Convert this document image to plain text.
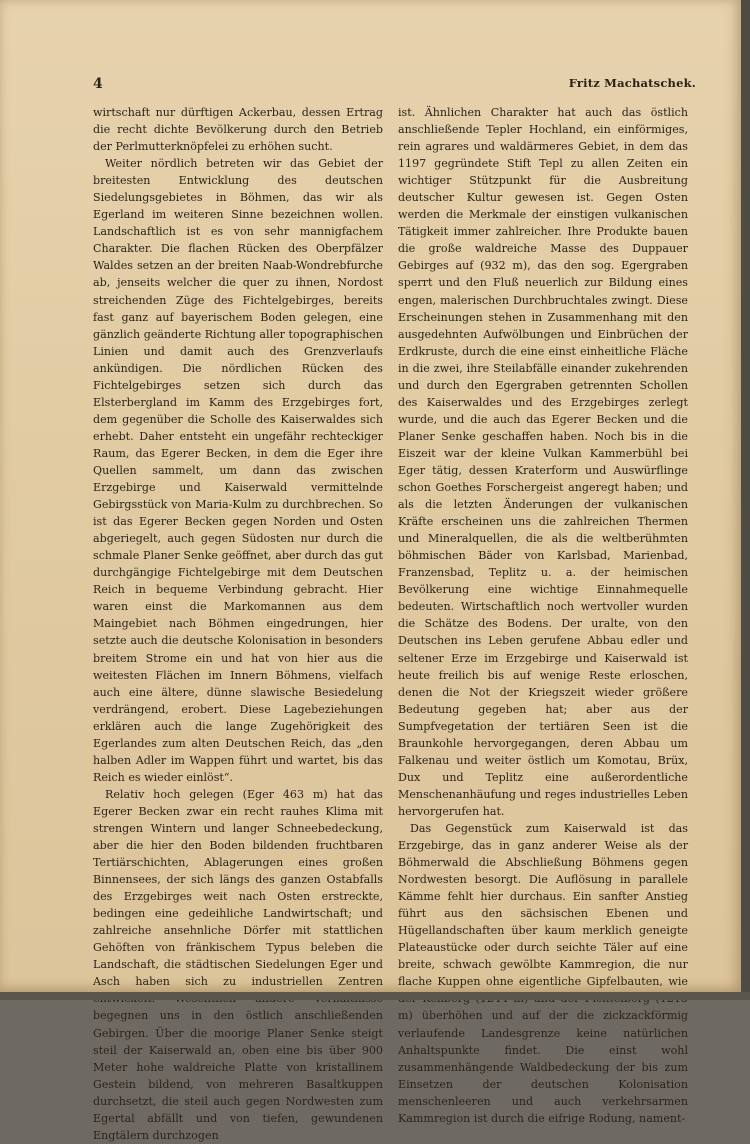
4	Fritz Machatschek.

wirtschaft nur dürftigen Ackerbau, dessen Ertrag die recht dichte Bevölkerung durch den Betrieb der Perlmutterknöpfelei zu erhöhen sucht.

Weiter nördlich betreten wir das Gebiet der breitesten Entwicklung des deutschen Siedelungsgebietes in Böhmen, das wir als Egerland im weiteren Sinne bezeichnen wollen. Landschaftlich ist es von sehr mannigfachem Charakter. Die flachen Rücken des Oberpfälzer Waldes setzen an der breiten Naab-Wondrebfurche ab, jenseits welcher die quer zu ihnen, Nordost streichenden Züge des Fichtelgebirges, bereits fast ganz auf bayerischem Boden gelegen, eine gänzlich geänderte Richtung aller topographischen Linien und damit auch des Grenzverlaufs ankündigen. Die nördlichen Rücken des Fichtelgebirges setzen sich durch das Elsterbergland im Kamm des Erzgebirges fort, dem gegenüber die Scholle des Kaiserwaldes sich erhebt. Daher entsteht ein ungefähr rechteckiger Raum, das Egerer Becken, in dem die Eger ihre Quellen sammelt, um dann das zwischen Erzgebirge und Kaiserwald vermittelnde Gebirgsstück von Maria-Kulm zu durchbrechen. So ist das Egerer Becken gegen Norden und Osten abgeriegelt, auch gegen Südosten nur durch die schmale Planer Senke geöffnet, aber durch das gut durchgängige Fichtelgebirge mit dem Deutschen Reich in bequeme Verbindung gebracht. Hier waren einst die Markomannen aus dem Maingebiet nach Böhmen eingedrungen, hier setzte auch die deutsche Kolonisation in besonders breitem Strome ein und hat von hier aus die weitesten Flächen im Innern Böhmens, vielfach auch eine ältere, dünne slawische Besiedelung verdrängend, erobert. Diese Lagebeziehungen erklären auch die lange Zugehörigkeit des Egerlandes zum alten Deutschen Reich, das „den halben Adler im Wappen führt und wartet, bis das Reich es wieder einlöst“.

Relativ hoch gelegen (Eger 463 m) hat das Egerer Becken zwar ein recht rauhes Klima mit strengen Wintern und langer Schneebedeckung, aber die hier den Boden bildenden fruchtbaren Tertiärschichten, Ablagerungen eines großen Binnensees, der sich längs des ganzen Ostabfalls des Erzgebirges weit nach Osten erstreckte, bedingen eine gedeihliche Landwirtschaft; und zahlreiche ansehnliche Dörfer mit stattlichen Gehöften von fränkischem Typus beleben die Landschaft, die städtischen Siedelungen Eger und Asch haben sich zu industriellen Zentren begegnen uns in den östlich anschließenden Gebirgen. Über die moorige Planer Senke steigt steil der Kaiserwald an, oben eine bis über 900 Meter hohe waldreiche Platte von kristallinem Gestein bildend, von mehreren Basaltkuppen durchsetzt, die steil auch gegen Nordwesten zum Egertal abfällt und von tiefen, gewundenen Engtälern durchzogen

ist. Ähnlichen Charakter hat auch das östlich anschließende Tepler Hochland, ein einförmiges, rein agrares und waldärmeres Gebiet, in dem das 1197 gegründete Stift Tepl zu allen Zeiten ein wichtiger Stützpunkt für die Ausbreitung deutscher Kultur gewesen ist. Gegen Osten werden die Merkmale der einstigen vulkanischen Tätigkeit immer zahlreicher. Ihre Produkte bauen die große waldreiche Masse des Duppauer Gebirges auf (932 m), das den sog. Egergraben sperrt und den Fluß neuerlich zur Bildung eines engen, malerischen Durchbruchtales zwingt. Diese Erscheinungen stehen in Zusammenhang mit den ausgedehnten Aufwölbungen und Einbrüchen der Erdkruste, durch die eine einst einheitliche Fläche in die zwei, ihre Steilabfälle einander zukehrenden und durch den Egergraben getrennten Schollen des Kaiserwaldes und des Erzgebirges zerlegt wurde, und die auch das Egerer Becken und die Planer Senke geschaffen haben. Noch bis in die Eiszeit war der kleine Vulkan Kammerbühl bei Eger tätig, dessen Kraterform und Auswürflinge schon Goethes Forschergeist angeregt haben; und als die letzten Änderungen der vulkanischen Kräfte erscheinen uns die zahlreichen Thermen und Mineralquellen, die als die weltberühmten böhmischen Bäder von Karlsbad, Marienbad, Franzensbad, Teplitz u. a. der heimischen Bevölkerung eine wichtige Einnahmequelle bedeuten. Wirtschaftlich noch wertvoller wurden die Schätze des Bodens. Der uralte, von den Deutschen ins Leben gerufene Abbau edler und seltener Erze im Erzgebirge und Kaiserwald ist heute freilich bis auf wenige Reste erloschen, denen die Not der Kriegszeit wieder größere Bedeutung gegeben hat; aber aus der Sumpfvegetation der tertiären Seen ist die Braunkohle hervorgegangen, deren Abbau um Falkenau und weiter östlich um Komotau, Brüx, Dux und Teplitz eine außerordentliche Menschenanhäufung und reges industrielles Leben hervorgerufen hat.

Das Gegenstück zum Kaiserwald ist das Erzgebirge, das in ganz anderer Weise als der Böhmerwald die Abschließung Böhmens gegen Nordwesten besorgt. Die Auflösung in parallele Kämme fehlt hier durchaus. Ein sanfter Anstieg führt aus den sächsischen Ebenen und Hügellandschaften über kaum merklich geneigte Plateaustücke oder durch seichte Täler auf eine breite, schwach gewölbte Kammregion, die nur flache Kuppen ohne eigentliche Gipfelbauten, wie m) überhöhen und auf der die zickzackförmig verlaufende Landesgrenze keine natürlichen Anhaltspunkte findet. Die einst wohl zusammenhängende Waldbedeckung der bis zum Einsetzen der deutschen Kolonisation menschenleeren und auch verkehrsarmen Kammregion ist durch die eifrige Rodung, nament-
